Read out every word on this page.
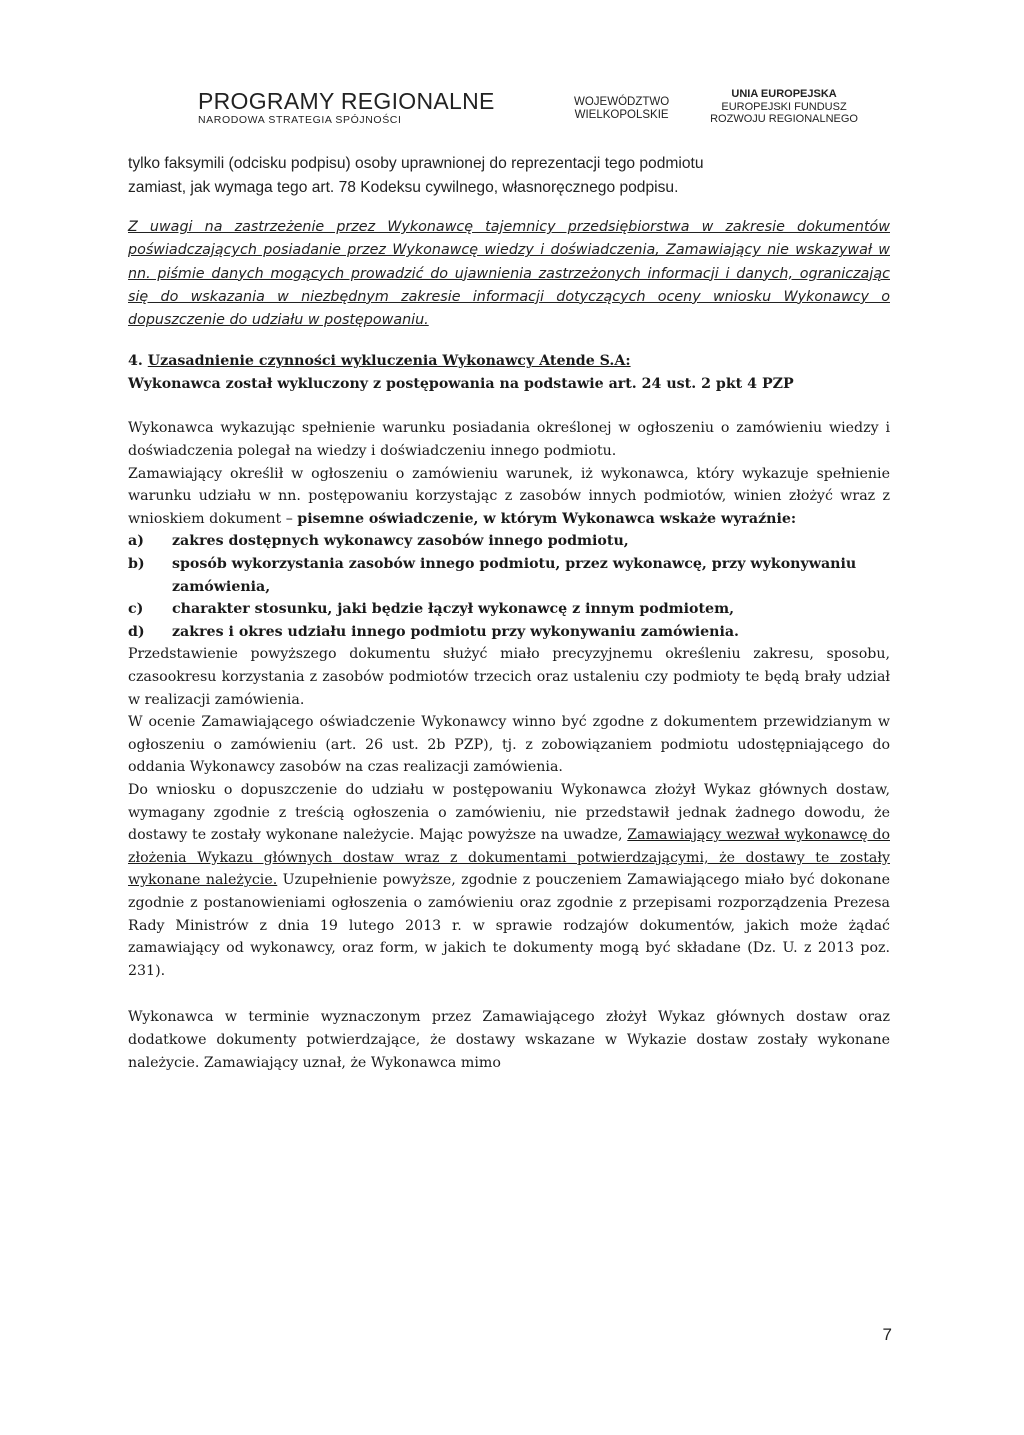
PROGRAMY REGIONALNE
NARODOWA STRATEGIA SPÓJNOŚCI
WOJEWÓDZTWO
WIELKOPOLSKIE
UNIA EUROPEJSKA
EUROPEJSKI FUNDUSZ
ROZWOJU REGIONALNEGO

tylko faksymili (odcisku podpisu) osoby uprawnionej do reprezentacji tego podmiotu

zamiast, jak wymaga tego art. 78 Kodeksu cywilnego, własnoręcznego podpisu.

Z uwagi na zastrzeżenie przez Wykonawcę tajemnicy przedsiębiorstwa w zakresie dokumentów poświadczających posiadanie przez Wykonawcę wiedzy i doświadczenia, Zamawiający nie wskazywał w nn. piśmie danych mogących prowadzić do ujawnienia zastrzeżonych informacji i danych, ograniczając się do wskazania w niezbędnym zakresie informacji dotyczących oceny wniosku Wykonawcy o dopuszczenie do udziału w postępowaniu.

4. Uzasadnienie czynności wykluczenia Wykonawcy Atende S.A:

Wykonawca został wykluczony z postępowania na podstawie art. 24 ust. 2 pkt 4 PZP

Wykonawca wykazując spełnienie warunku posiadania określonej w ogłoszeniu o zamówieniu wiedzy i doświadczenia polegał na wiedzy i doświadczeniu innego podmiotu.

Zamawiający określił w ogłoszeniu o zamówieniu warunek, iż wykonawca, który wykazuje spełnienie warunku udziału w nn. postępowaniu korzystając z zasobów innych podmiotów, winien złożyć wraz z wnioskiem dokument – pisemne oświadczenie, w którym Wykonawca wskaże wyraźnie:

a) zakres dostępnych wykonawcy zasobów innego podmiotu,
b) sposób wykorzystania zasobów innego podmiotu, przez wykonawcę, przy wykonywaniu zamówienia,
c) charakter stosunku, jaki będzie łączył wykonawcę z innym podmiotem,
d) zakres i okres udziału innego podmiotu przy wykonywaniu zamówienia.

Przedstawienie powyższego dokumentu służyć miało precyzyjnemu określeniu zakresu, sposobu, czasookresu korzystania z zasobów podmiotów trzecich oraz ustaleniu czy podmioty te będą brały udział w realizacji zamówienia.

W ocenie Zamawiającego oświadczenie Wykonawcy winno być zgodne z dokumentem przewidzianym w ogłoszeniu o zamówieniu (art. 26 ust. 2b PZP), tj. z zobowiązaniem podmiotu udostępniającego do oddania Wykonawcy zasobów na czas realizacji zamówienia.

Do wniosku o dopuszczenie do udziału w postępowaniu Wykonawca złożył Wykaz głównych dostaw, wymagany zgodnie z treścią ogłoszenia o zamówieniu, nie przedstawił jednak żadnego dowodu, że dostawy te zostały wykonane należycie. Mając powyższe na uwadze, Zamawiający wezwał wykonawcę do złożenia Wykazu głównych dostaw wraz z dokumentami potwierdzającymi, że dostawy te zostały wykonane należycie. Uzupełnienie powyższe, zgodnie z pouczeniem Zamawiającego miało być dokonane zgodnie z postanowieniami ogłoszenia o zamówieniu oraz zgodnie z przepisami rozporządzenia Prezesa Rady Ministrów z dnia 19 lutego 2013 r. w sprawie rodzajów dokumentów, jakich może żądać zamawiający od wykonawcy, oraz form, w jakich te dokumenty mogą być składane (Dz. U. z 2013 poz. 231).

Wykonawca w terminie wyznaczonym przez Zamawiającego złożył Wykaz głównych dostaw oraz dodatkowe dokumenty potwierdzające, że dostawy wskazane w Wykazie dostaw zostały wykonane należycie. Zamawiający uznał, że Wykonawca mimo

7
